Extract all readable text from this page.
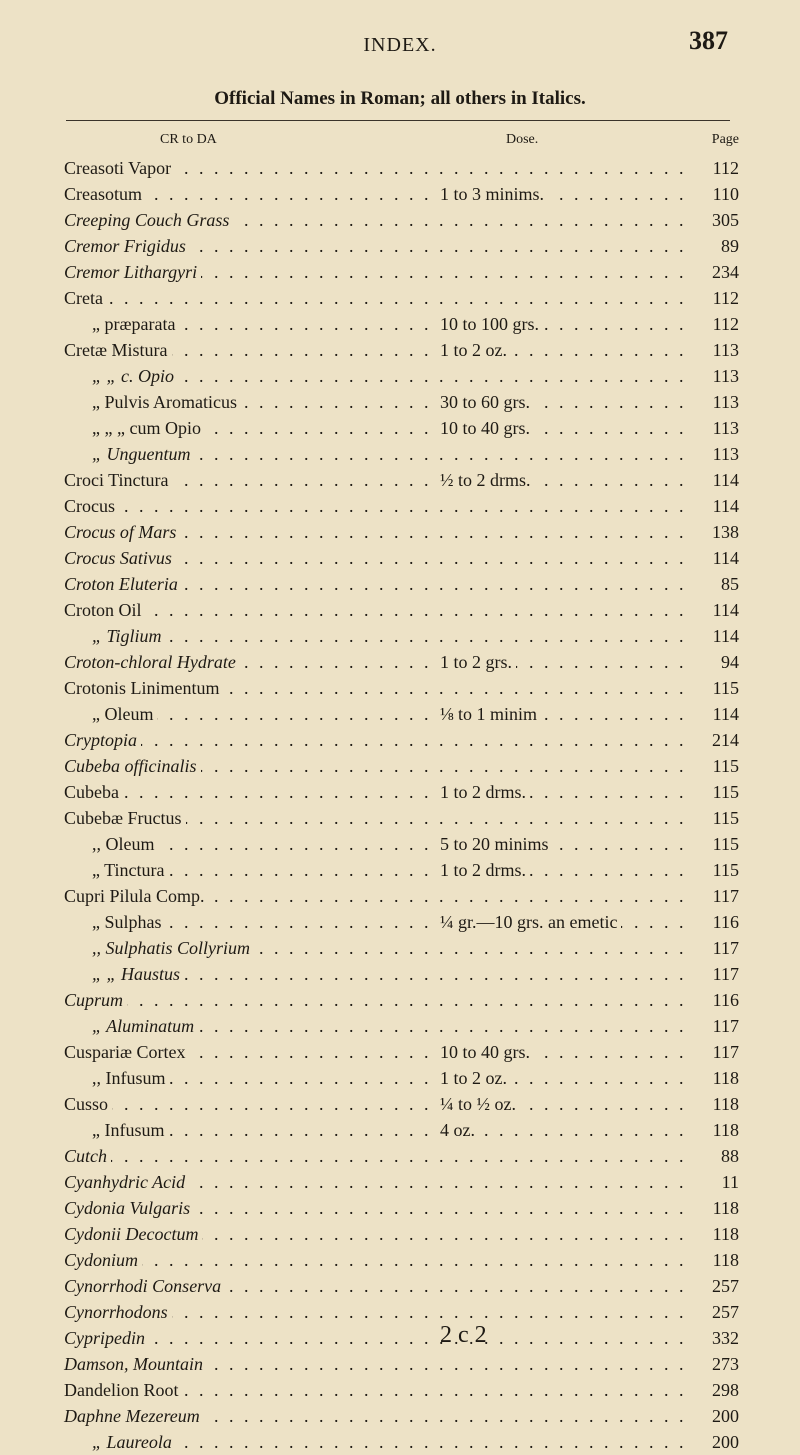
INDEX.	387
Official Names in Roman; all others in Italics.
CR to DA	Dose.	Page
. . .
Creasoti Vapor	112
. . .
Creasotum	1 to 3 minims.	110
. . .
Creeping Couch Grass	305
. . .
Cremor Frigidus	89
. . .
Cremor Lithargyri	234
. . .
Creta	112
. . .
„ præparata	10 to 100 grs.	112
. . .
Cretæ Mistura	1 to 2 oz.	113
. . .
„ „ c. Opio	113
. . .
„ Pulvis Aromaticus	30 to 60 grs.	113
. . .
„ „ „ cum Opio	10 to 40 grs.	113
. . .
„ Unguentum	113
. . .
Croci Tinctura	½ to 2 drms.	114
. . .
Crocus	114
. . .
Crocus of Mars	138
. . .
Crocus Sativus	114
. . .
Croton Eluteria	85
. . .
Croton Oil	114
. . .
„ Tiglium	114
. . .
Croton-chloral Hydrate	1 to 2 grs.	94
. . .
Crotonis Linimentum	115
. . .
„ Oleum	⅛ to 1 minim	114
. . .
Cryptopia	214
. . .
Cubeba officinalis	115
. . .
Cubeba	1 to 2 drms.	115
. . .
Cubebæ Fructus	115
. . .
,, Oleum	5 to 20 minims	115
. . .
„ Tinctura	1 to 2 drms.	115
. . .
Cupri Pilula Comp.	117
. . .
„ Sulphas	¼ gr.—10 grs. an emetic	116
. . .
,, Sulphatis Collyrium	117
. . .
„ „ Haustus	117
. . .
Cuprum	116
. . .
„ Aluminatum	117
. . .
Cuspariæ Cortex	10 to 40 grs.	117
. . .
,, Infusum	1 to 2 oz.	118
. . .
Cusso	¼ to ½ oz.	118
. . .
„ Infusum	4 oz.	118
. . .
Cutch	88
. . .
Cyanhydric Acid	11
. . .
Cydonia Vulgaris	118
. . .
Cydonii Decoctum	118
. . .
Cydonium	118
. . .
Cynorrhodi Conserva	257
. . .
Cynorrhodons	257
. . .
Cypripedin	332
. . .
Damson, Mountain	273
. . .
Dandelion Root	298
. . .
Daphne Mezereum	200
. . .
„ Laureola	200
2 c 2
